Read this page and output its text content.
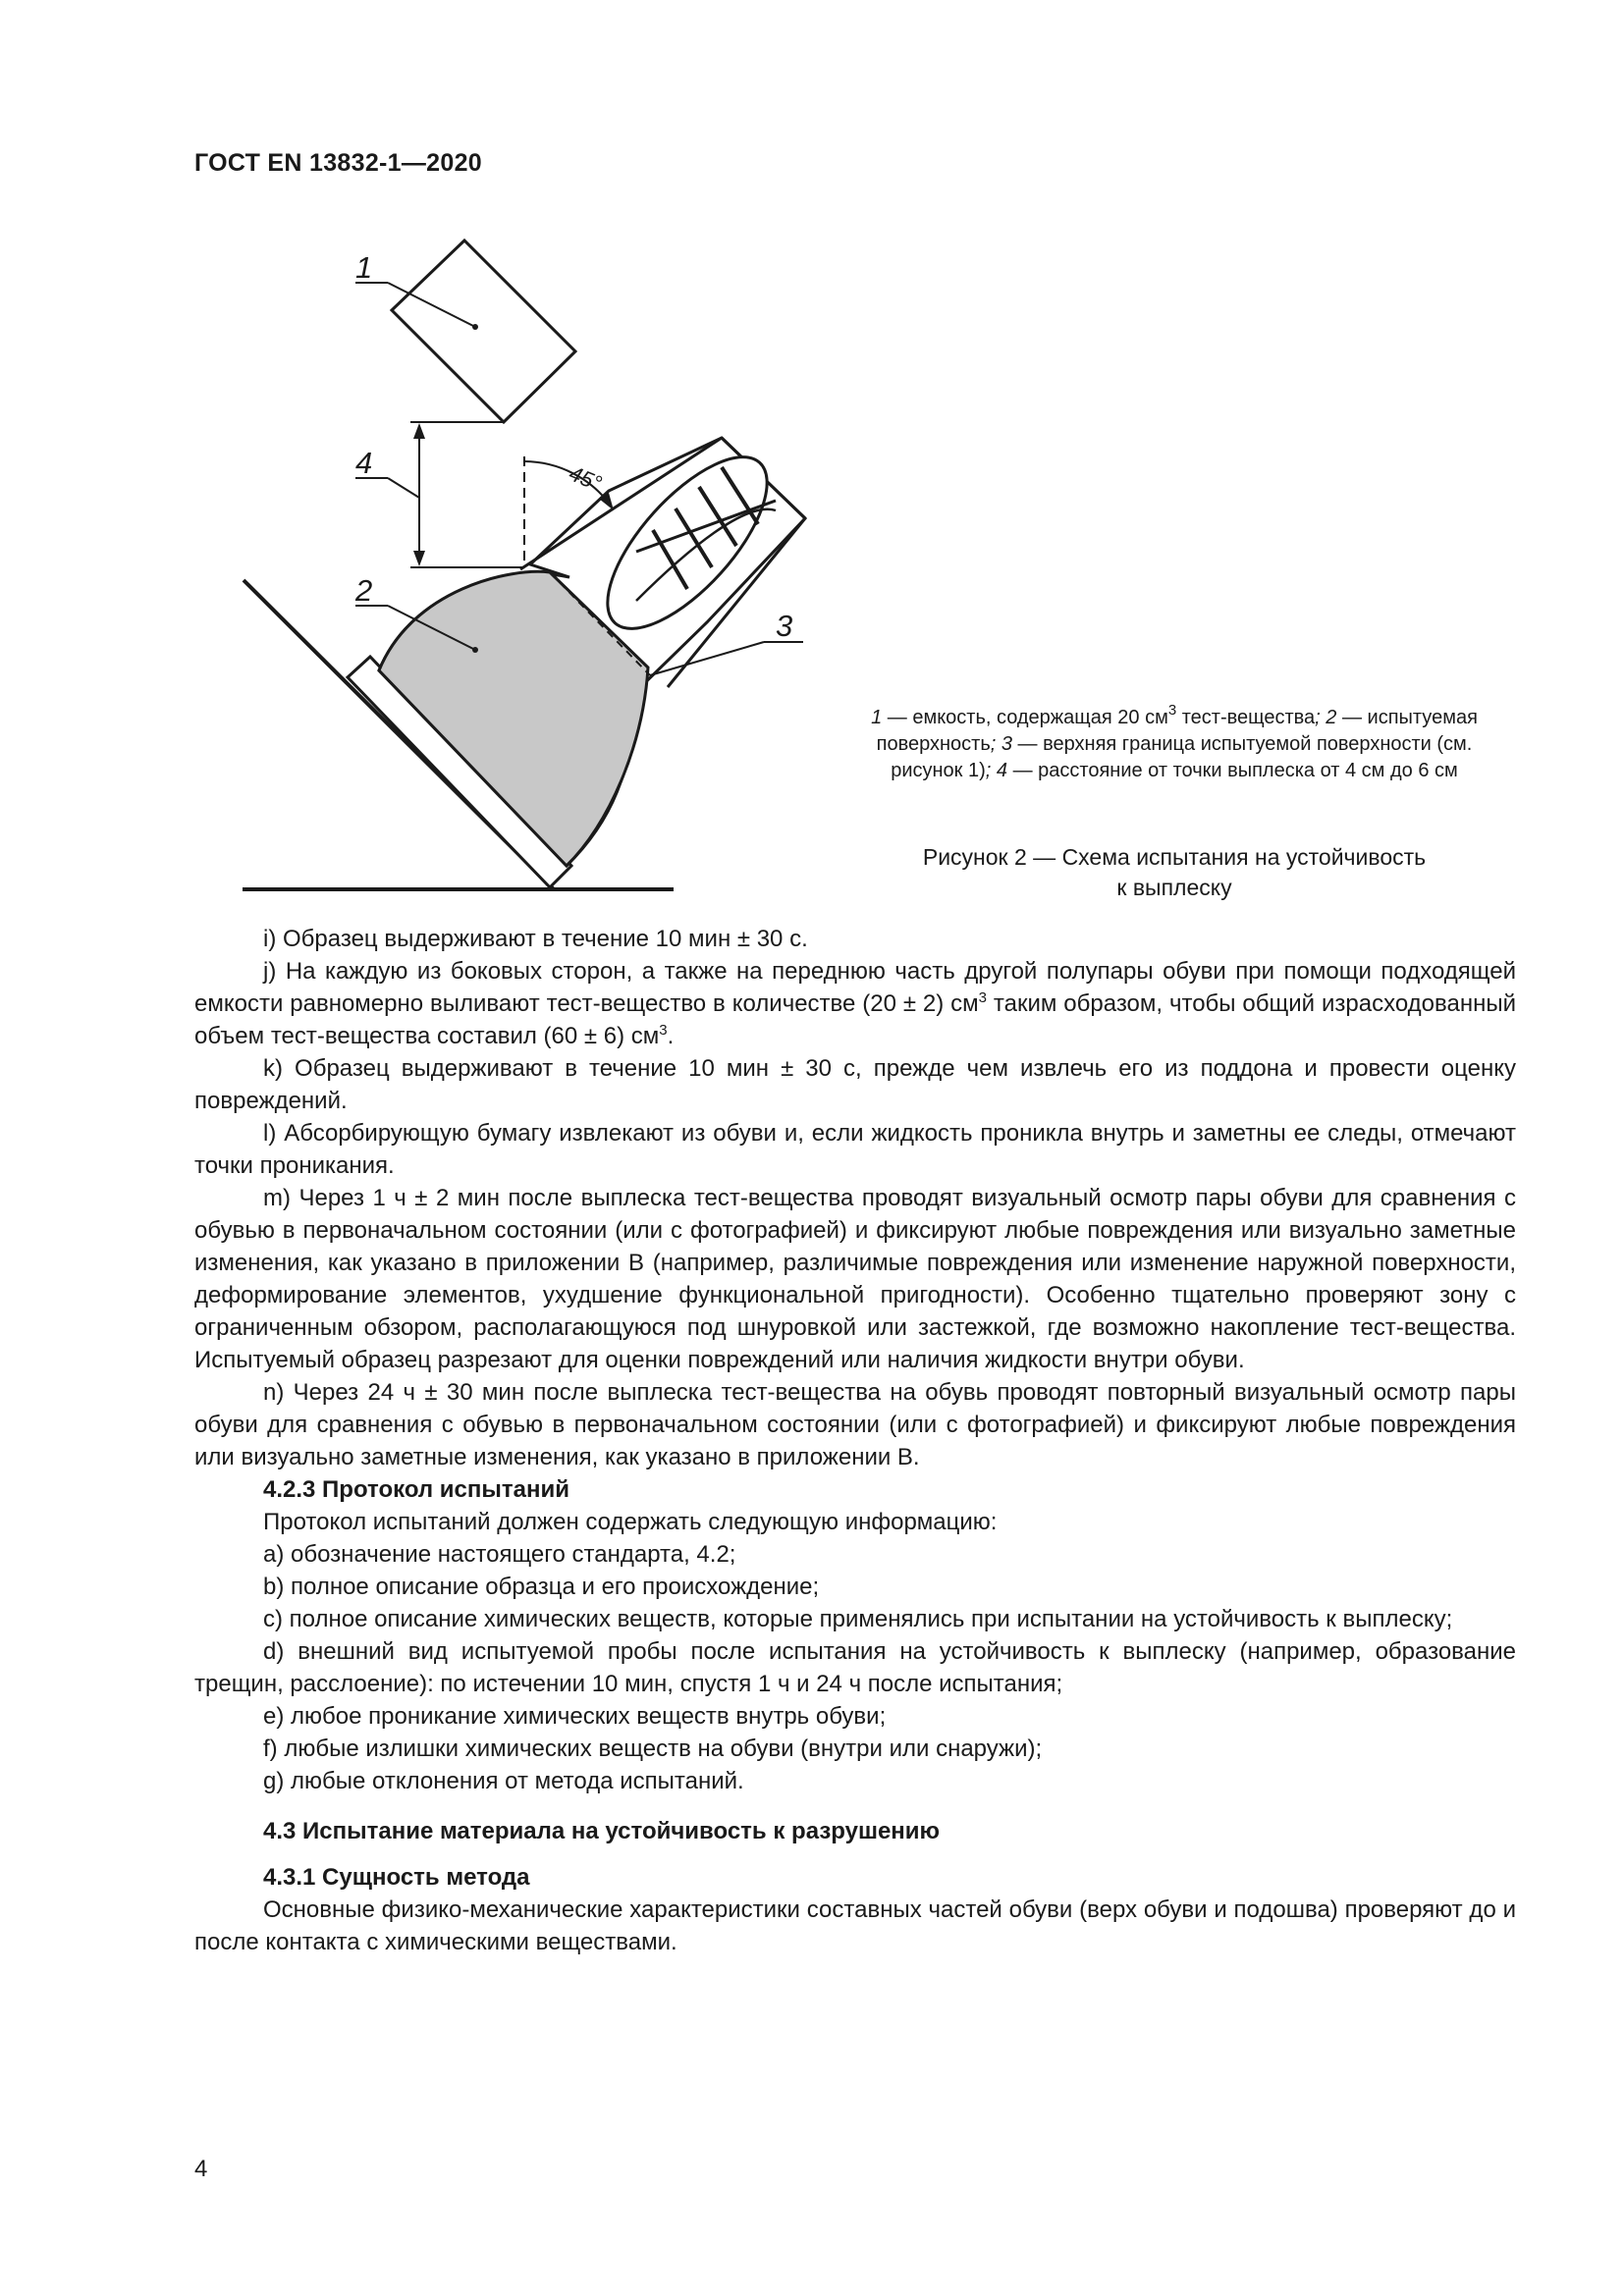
ГОСТ EN 13832-1—2020
45°
1
4
2
3
1 — емкость, содержащая 20 $см^3$ тест-вещества; 2 — испытуемая поверхность; 3 — верхняя граница испытуемой поверхности (см. рисунок 1); 4 — расстояние от точки выплеска от 4 см до 6 см
Рисунок 2 — Схема испытания на устойчивость
к выплеску

i) Образец выдерживают в течение 10 мин ± 30 с.

j) На каждую из боковых сторон, а также на переднюю часть другой полупары обуви при помощи подходящей емкости равномерно выливают тест-вещество в количестве (20 ± 2) $см^3$ таким образом, чтобы общий израсходованный объем тест-вещества составил (60 ± 6) $см^3$.

k) Образец выдерживают в течение 10 мин ± 30 с, прежде чем извлечь его из поддона и провести оценку повреждений.

l) Абсорбирующую бумагу извлекают из обуви и, если жидкость проникла внутрь и заметны ее следы, отмечают точки проникания.

m) Через 1 ч ± 2 мин после выплеска тест-вещества проводят визуальный осмотр пары обуви для сравнения с обувью в первоначальном состоянии (или с фотографией) и фиксируют любые повреждения или визуально заметные изменения, как указано в приложении В (например, различимые повреждения или изменение наружной поверхности, деформирование элементов, ухудшение функциональной пригодности). Особенно тщательно проверяют зону с ограниченным обзором, располагающуюся под шнуровкой или застежкой, где возможно накопление тест-вещества. Испытуемый образец разрезают для оценки повреждений или наличия жидкости внутри обуви.

n) Через 24 ч ± 30 мин после выплеска тест-вещества на обувь проводят повторный визуальный осмотр пары обуви для сравнения с обувью в первоначальном состоянии (или с фотографией) и фиксируют любые повреждения или визуально заметные изменения, как указано в приложении В.

4.2.3 Протокол испытаний

Протокол испытаний должен содержать следующую информацию:

a) обозначение настоящего стандарта, 4.2;

b) полное описание образца и его происхождение;

c) полное описание химических веществ, которые применялись при испытании на устойчивость к выплеску;

d) внешний вид испытуемой пробы после испытания на устойчивость к выплеску (например, образование трещин, расслоение): по истечении 10 мин, спустя 1 ч и 24 ч после испытания;

e) любое проникание химических веществ внутрь обуви;

f) любые излишки химических веществ на обуви (внутри или снаружи);

g) любые отклонения от метода испытаний.

4.3 Испытание материала на устойчивость к разрушению

4.3.1 Сущность метода

Основные физико-механические характеристики составных частей обуви (верх обуви и подошва) проверяют до и после контакта с химическими веществами.

4
